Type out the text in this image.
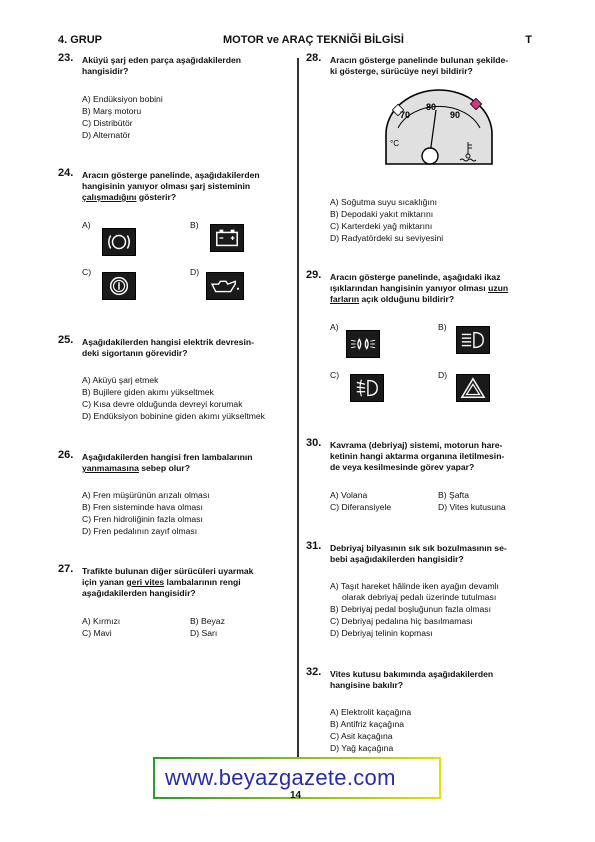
4. GRUP	MOTOR ve ARAÇ TEKNİĞİ BİLGİSİ	T
23. Aküyü şarj eden parça aşağıdakilerden
hangisidir?
A) Endüksiyon bobini
B) Marş motoru
C) Distribütör
D) Alternatör
24. Aracın gösterge panelinde, aşağıdakilerden
hangisinin yanıyor olması şarj sisteminin
çalışmadığını gösterir?
A)	B)
C)	D)
25. Aşağıdakilerden hangisi elektrik devresin-
deki sigortanın görevidir?
A) Aküyü şarj etmek
B) Bujilere giden akımı yükseltmek
C) Kısa devre olduğunda devreyi korumak
D) Endüksiyon bobinine giden akımı yükseltmek
26. Aşağıdakilerden hangisi fren lambalarının
yanmamasına sebep olur?
A) Fren müşürünün arızalı olması
B) Fren sisteminde hava olması
C) Fren hidroliğinin fazla olması
D) Fren pedalının zayıf olması
27. Trafikte bulunan diğer sürücüleri uyarmak
için yanan geri vites lambalarının rengi
aşağıdakilerden hangisidir?
A) Kırmızı	B) Beyaz
C) Mavi	D) Sarı
28. Aracın gösterge panelinde bulunan şekilde-
ki gösterge, sürücüye neyi bildirir?
A) Soğutma suyu sıcaklığını
B) Depodaki yakıt miktarını
C) Karterdeki yağ miktarını
D) Radyatördeki su seviyesini
70
80
90
°C
29. Aracın gösterge panelinde, aşağıdaki ikaz
ışıklarından hangisinin yanıyor olması uzun
farların açık olduğunu bildirir?
A)	B)
C)	D)
30. Kavrama (debriyaj) sistemi, motorun hare-
ketinin hangi aktarma organına iletilmesin-
de veya kesilmesinde görev yapar?
A) Volana	B) Şafta
C) Diferansiyele	D) Vites kutusuna
31. Debriyaj bilyasının sık sık bozulmasının se-
bebi aşağıdakilerden hangisidir?
A) Taşıt hareket hâlinde iken ayağın devamlı
olarak debriyaj pedalı üzerinde tutulması
B) Debriyaj pedal boşluğunun fazla olması
C) Debriyaj pedalına hiç basılmaması
D) Debriyaj telinin kopması
32. Vites kutusu bakımında aşağıdakilerden
hangisine bakılır?
A) Elektrolit kaçağına
B) Antifriz kaçağına
C) Asit kaçağına
D) Yağ kaçağına
www.beyazgazete.com
14
